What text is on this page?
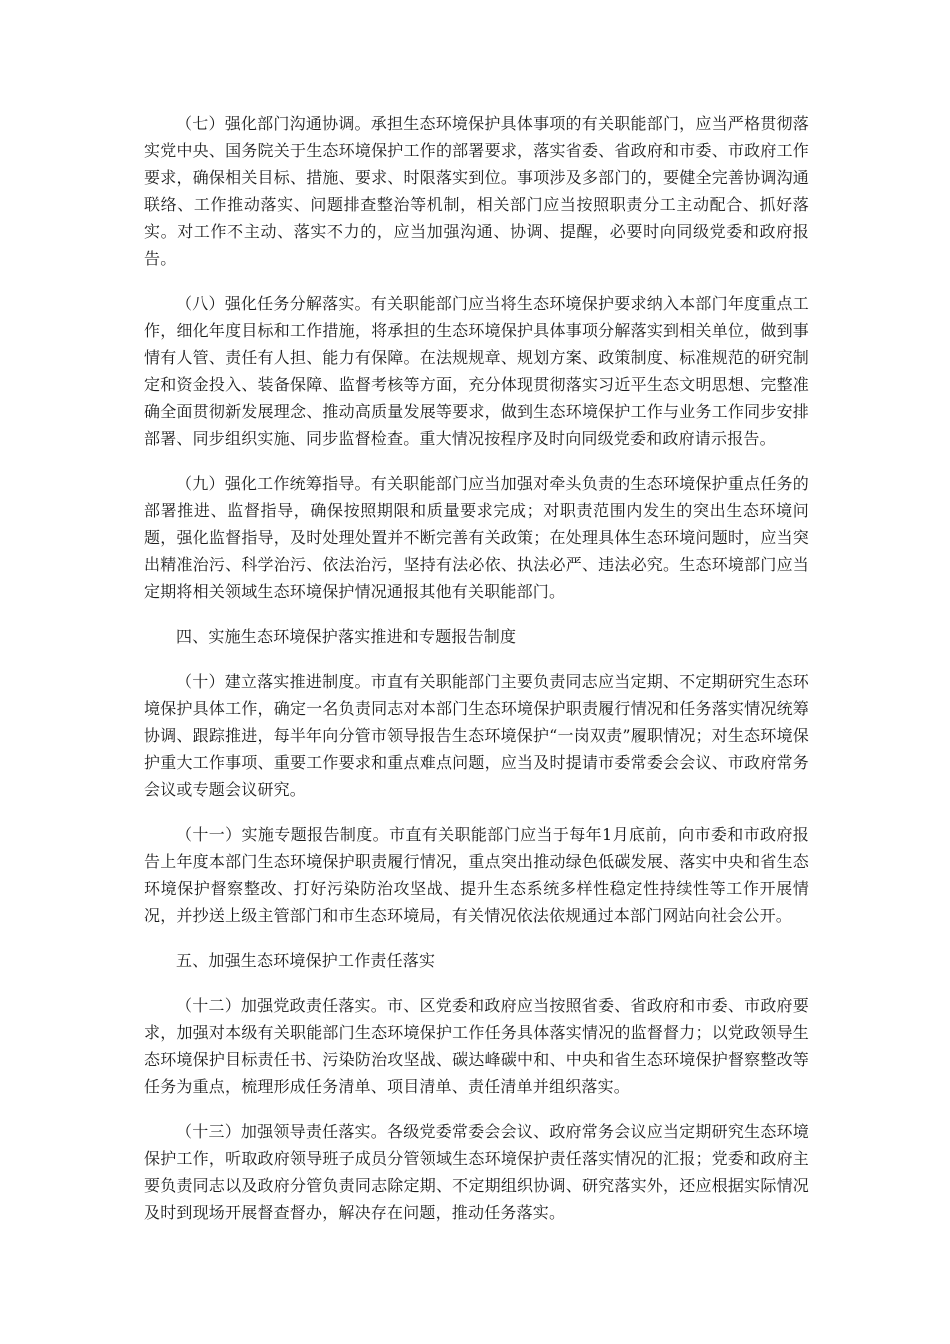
（七）强化部门沟通协调。承担生态环境保护具体事项的有关职能部门，应当严格贯彻落实党中央、国务院关于生态环境保护工作的部署要求，落实省委、省政府和市委、市政府工作要求，确保相关目标、措施、要求、时限落实到位。事项涉及多部门的，要健全完善协调沟通联络、工作推动落实、问题排查整治等机制，相关部门应当按照职责分工主动配合、抓好落实。对工作不主动、落实不力的，应当加强沟通、协调、提醒，必要时向同级党委和政府报告。

（八）强化任务分解落实。有关职能部门应当将生态环境保护要求纳入本部门年度重点工作，细化年度目标和工作措施，将承担的生态环境保护具体事项分解落实到相关单位，做到事情有人管、责任有人担、能力有保障。在法规规章、规划方案、政策制度、标准规范的研究制定和资金投入、装备保障、监督考核等方面，充分体现贯彻落实习近平生态文明思想、完整准确全面贯彻新发展理念、推动高质量发展等要求，做到生态环境保护工作与业务工作同步安排部署、同步组织实施、同步监督检查。重大情况按程序及时向同级党委和政府请示报告。

（九）强化工作统筹指导。有关职能部门应当加强对牵头负责的生态环境保护重点任务的部署推进、监督指导，确保按照期限和质量要求完成；对职责范围内发生的突出生态环境问题，强化监督指导，及时处理处置并不断完善有关政策；在处理具体生态环境问题时，应当突出精准治污、科学治污、依法治污，坚持有法必依、执法必严、违法必究。生态环境部门应当定期将相关领域生态环境保护情况通报其他有关职能部门。

四、实施生态环境保护落实推进和专题报告制度

（十）建立落实推进制度。市直有关职能部门主要负责同志应当定期、不定期研究生态环境保护具体工作，确定一名负责同志对本部门生态环境保护职责履行情况和任务落实情况统筹协调、跟踪推进，每半年向分管市领导报告生态环境保护“一岗双责”履职情况；对生态环境保护重大工作事项、重要工作要求和重点难点问题，应当及时提请市委常委会会议、市政府常务会议或专题会议研究。

（十一）实施专题报告制度。市直有关职能部门应当于每年1月底前，向市委和市政府报告上年度本部门生态环境保护职责履行情况，重点突出推动绿色低碳发展、落实中央和省生态环境保护督察整改、打好污染防治攻坚战、提升生态系统多样性稳定性持续性等工作开展情况，并抄送上级主管部门和市生态环境局，有关情况依法依规通过本部门网站向社会公开。

五、加强生态环境保护工作责任落实

（十二）加强党政责任落实。市、区党委和政府应当按照省委、省政府和市委、市政府要求，加强对本级有关职能部门生态环境保护工作任务具体落实情况的监督督力；以党政领导生态环境保护目标责任书、污染防治攻坚战、碳达峰碳中和、中央和省生态环境保护督察整改等任务为重点，梳理形成任务清单、项目清单、责任清单并组织落实。

（十三）加强领导责任落实。各级党委常委会会议、政府常务会议应当定期研究生态环境保护工作，听取政府领导班子成员分管领域生态环境保护责任落实情况的汇报；党委和政府主要负责同志以及政府分管负责同志除定期、不定期组织协调、研究落实外，还应根据实际情况及时到现场开展督查督办，解决存在问题，推动任务落实。
